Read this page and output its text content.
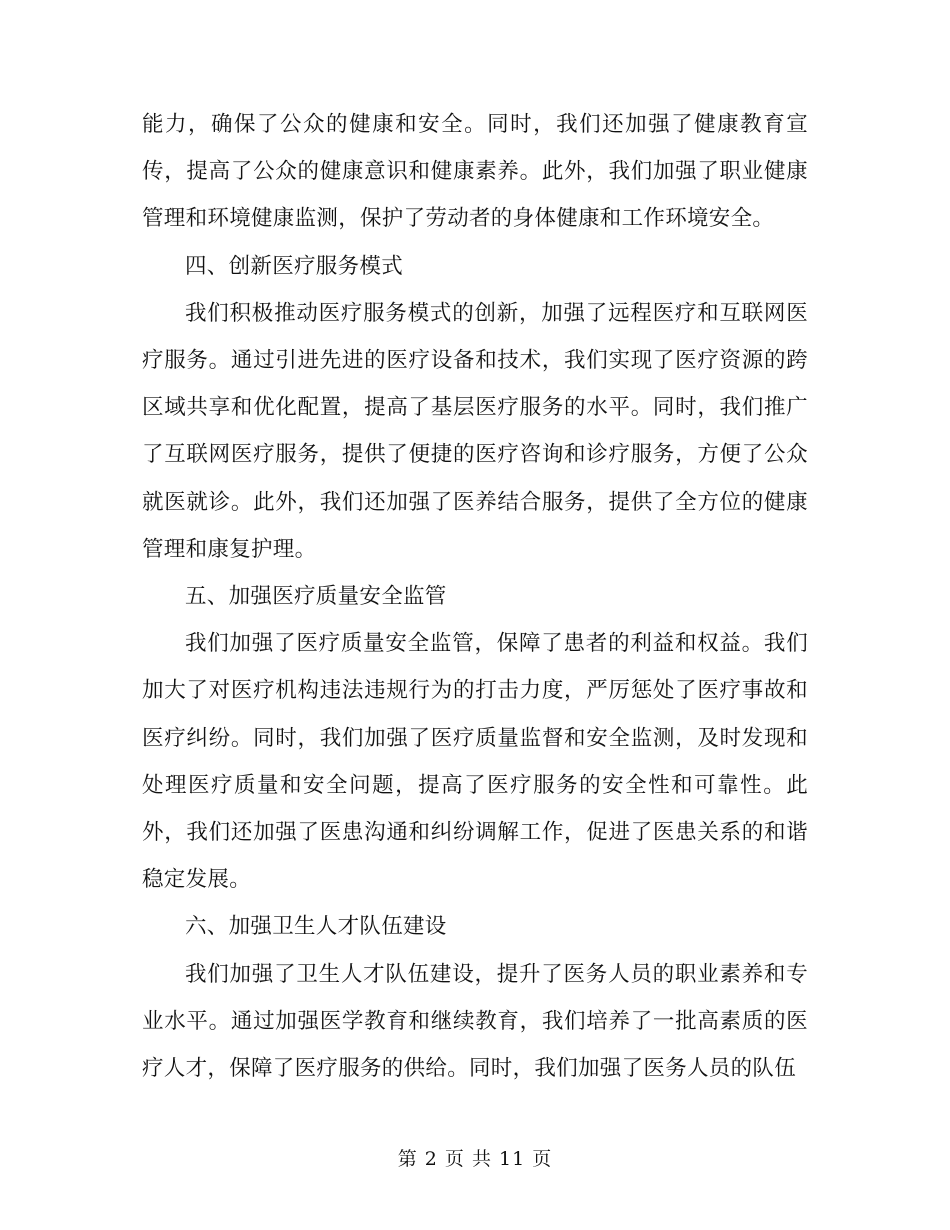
能力，确保了公众的健康和安全。同时，我们还加强了健康教育宣传，提高了公众的健康意识和健康素养。此外，我们加强了职业健康管理和环境健康监测，保护了劳动者的身体健康和工作环境安全。

四、创新医疗服务模式

我们积极推动医疗服务模式的创新，加强了远程医疗和互联网医疗服务。通过引进先进的医疗设备和技术，我们实现了医疗资源的跨区域共享和优化配置，提高了基层医疗服务的水平。同时，我们推广了互联网医疗服务，提供了便捷的医疗咨询和诊疗服务，方便了公众就医就诊。此外，我们还加强了医养结合服务，提供了全方位的健康管理和康复护理。

五、加强医疗质量安全监管

我们加强了医疗质量安全监管，保障了患者的利益和权益。我们加大了对医疗机构违法违规行为的打击力度，严厉惩处了医疗事故和医疗纠纷。同时，我们加强了医疗质量监督和安全监测，及时发现和处理医疗质量和安全问题，提高了医疗服务的安全性和可靠性。此外，我们还加强了医患沟通和纠纷调解工作，促进了医患关系的和谐稳定发展。

六、加强卫生人才队伍建设

我们加强了卫生人才队伍建设，提升了医务人员的职业素养和专业水平。通过加强医学教育和继续教育，我们培养了一批高素质的医疗人才，保障了医疗服务的供给。同时，我们加强了医务人员的队伍

第 2 页 共 11 页
